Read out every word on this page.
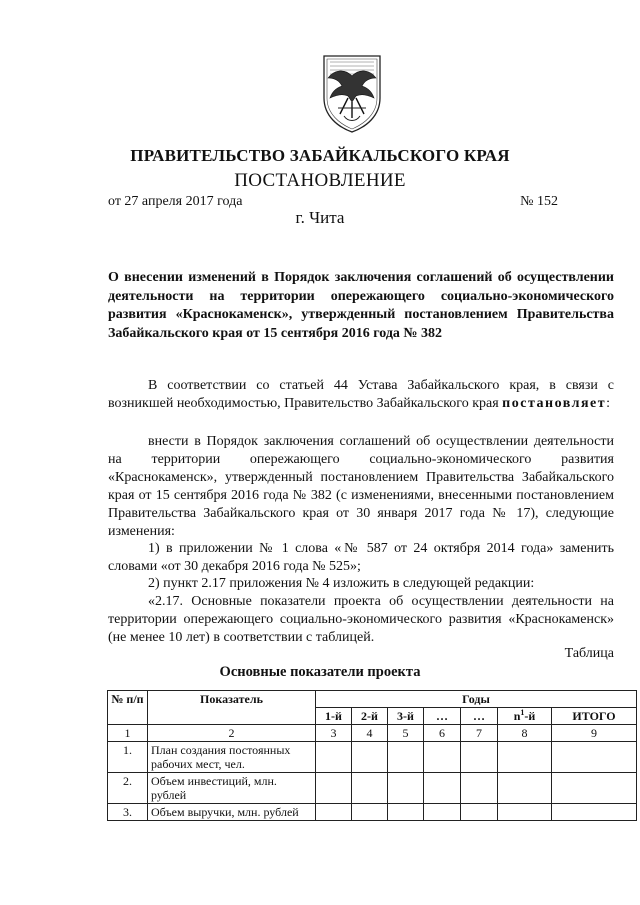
ПРАВИТЕЛЬСТВО ЗАБАЙКАЛЬСКОГО КРАЯ
ПОСТАНОВЛЕНИЕ
от 27 апреля 2017 года	№ 152
г. Чита
О внесении изменений в Порядок заключения соглашений об осуществлении деятельности на территории опережающего социально-экономического развития «Краснокаменск», утвержденный постановлением Правительства Забайкальского края от 15 сентября 2016 года № 382
В соответствии со статьей 44 Устава Забайкальского края, в связи с возникшей необходимостью, Правительство Забайкальского края постановляет:
внести в Порядок заключения соглашений об осуществлении деятельности на территории опережающего социально-экономического развития «Краснокаменск», утвержденный постановлением Правительства Забайкальского края от 15 сентября 2016 года № 382 (с изменениями, внесенными постановлением Правительства Забайкальского края от 30 января 2017 года № 17), следующие изменения:
1) в приложении № 1 слова «№ 587 от 24 октября 2014 года» заменить словами «от 30 декабря 2016 года № 525»;
2) пункт 2.17 приложения № 4 изложить в следующей редакции:
«2.17. Основные показатели проекта об осуществлении деятельности на территории опережающего социально-экономического развития «Краснокаменск» (не менее 10 лет) в соответствии с таблицей.
Таблица
Основные показатели проекта
№ п/п	Показатель	Годы						
		1-й	2-й	3-й	…	…	$n^1-й$	ИТОГО
1	2	3	4	5	6	7	8	9
1.	План создания постоянных рабочих мест, чел.							
2.	Объем инвестиций, млн. рублей							
3.	Объем выручки, млн. рублей							
